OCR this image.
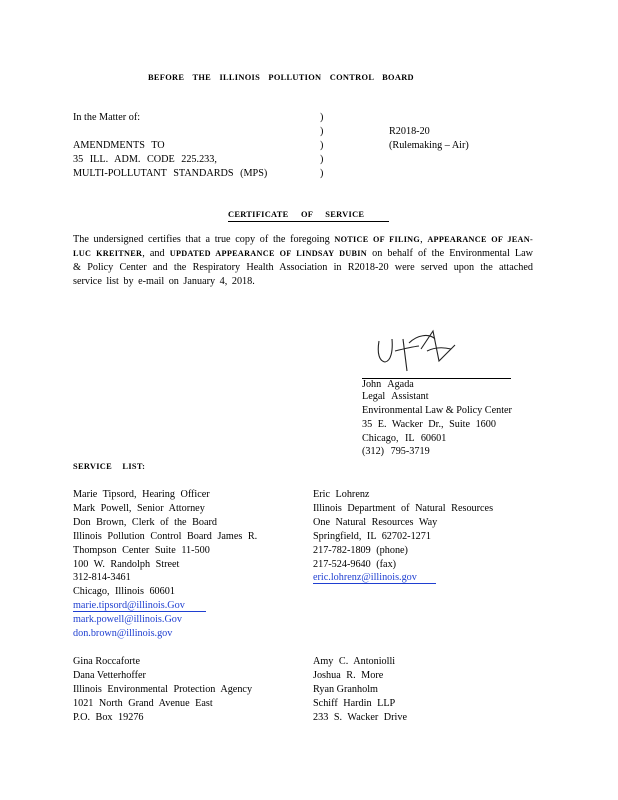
BEFORE THE ILLINOIS POLLUTION CONTROL BOARD
In the Matter of:
AMENDMENTS TO
35 ILL. ADM. CODE 225.233,
MULTI-POLLUTANT STANDARDS (MPS)
)
)
)
)
)
R2018-20
(Rulemaking – Air)
CERTIFICATE OF SERVICE
The undersigned certifies that a true copy of the foregoing NOTICE OF FILING, APPEARANCE OF JEAN-LUC KREITNER, and UPDATED APPEARANCE OF LINDSAY DUBIN on behalf of the Environmental Law & Policy Center and the Respiratory Health Association in R2018-20 were served upon the attached service list by e-mail on January 4, 2018.
John Agada
Legal Assistant
Environmental Law & Policy Center
35 E. Wacker Dr., Suite 1600
Chicago, IL 60601
(312) 795-3719
SERVICE LIST:
Marie Tipsord, Hearing Officer
Mark Powell, Senior Attorney
Don Brown, Clerk of the Board
Illinois Pollution Control Board James R.
Thompson Center Suite 11-500
100 W. Randolph Street
312-814-3461
Chicago, Illinois 60601
marie.tipsord@illinois.Gov
mark.powell@illinois.Gov
don.brown@illinois.gov
Eric Lohrenz
Illinois Department of Natural Resources
One Natural Resources Way
Springfield, IL 62702-1271
217-782-1809 (phone)
217-524-9640 (fax)
eric.lohrenz@illinois.gov
Gina Roccaforte
Dana Vetterhoffer
Illinois Environmental Protection Agency
1021 North Grand Avenue East
P.O. Box 19276
Amy C. Antoniolli
Joshua R. More
Ryan Granholm
Schiff Hardin LLP
233 S. Wacker Drive
